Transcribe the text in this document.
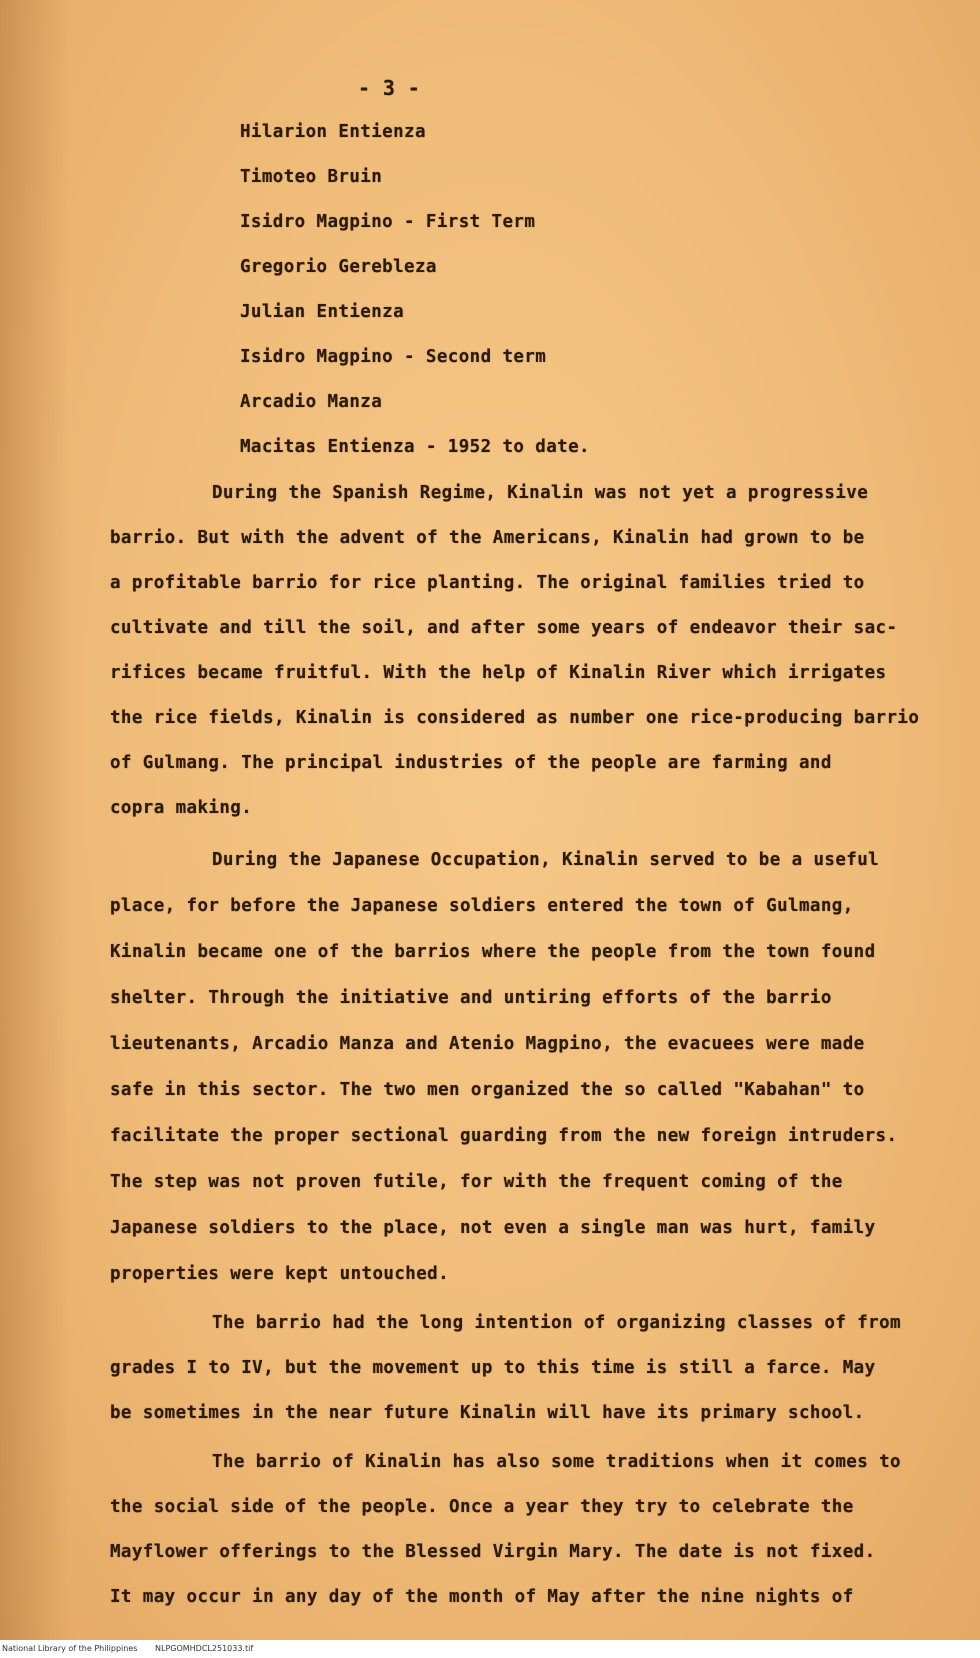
- 3 -
Hilarion Entienza
Timoteo Bruin
Isidro Magpino - First Term
Gregorio Gerebleza
Julian Entienza
Isidro Magpino - Second term
Arcadio Manza
Macitas Entienza - 1952 to date.
During the Spanish Regime, Kinalin was not yet a progressive
barrio. But with the advent of the Americans, Kinalin had grown to be
a profitable barrio for rice planting. The original families tried to
cultivate and till the soil, and after some years of endeavor their sac-
rifices became fruitful. With the help of Kinalin River which irrigates
the rice fields, Kinalin is considered as number one rice-producing barrio
of Gulmang. The principal industries of the people are farming and
copra making.
During the Japanese Occupation, Kinalin served to be a useful
place, for before the Japanese soldiers entered the town of Gulmang,
Kinalin became one of the barrios where the people from the town found
shelter. Through the initiative and untiring efforts of the barrio
lieutenants, Arcadio Manza and Atenio Magpino, the evacuees were made
safe in this sector. The two men organized the so called "Kabahan" to
facilitate the proper sectional guarding from the new foreign intruders.
The step was not proven futile, for with the frequent coming of the
Japanese soldiers to the place, not even a single man was hurt, family
properties were kept untouched.
The barrio had the long intention of organizing classes of from
grades I to IV, but the movement up to this time is still a farce. May
be sometimes in the near future Kinalin will have its primary school.
The barrio of Kinalin has also some traditions when it comes to
the social side of the people. Once a year they try to celebrate the
Mayflower offerings to the Blessed Virgin Mary. The date is not fixed.
It may occur in any day of the month of May after the nine nights of
National Library of the Philippines NLPGOMHDCL251033.tif
